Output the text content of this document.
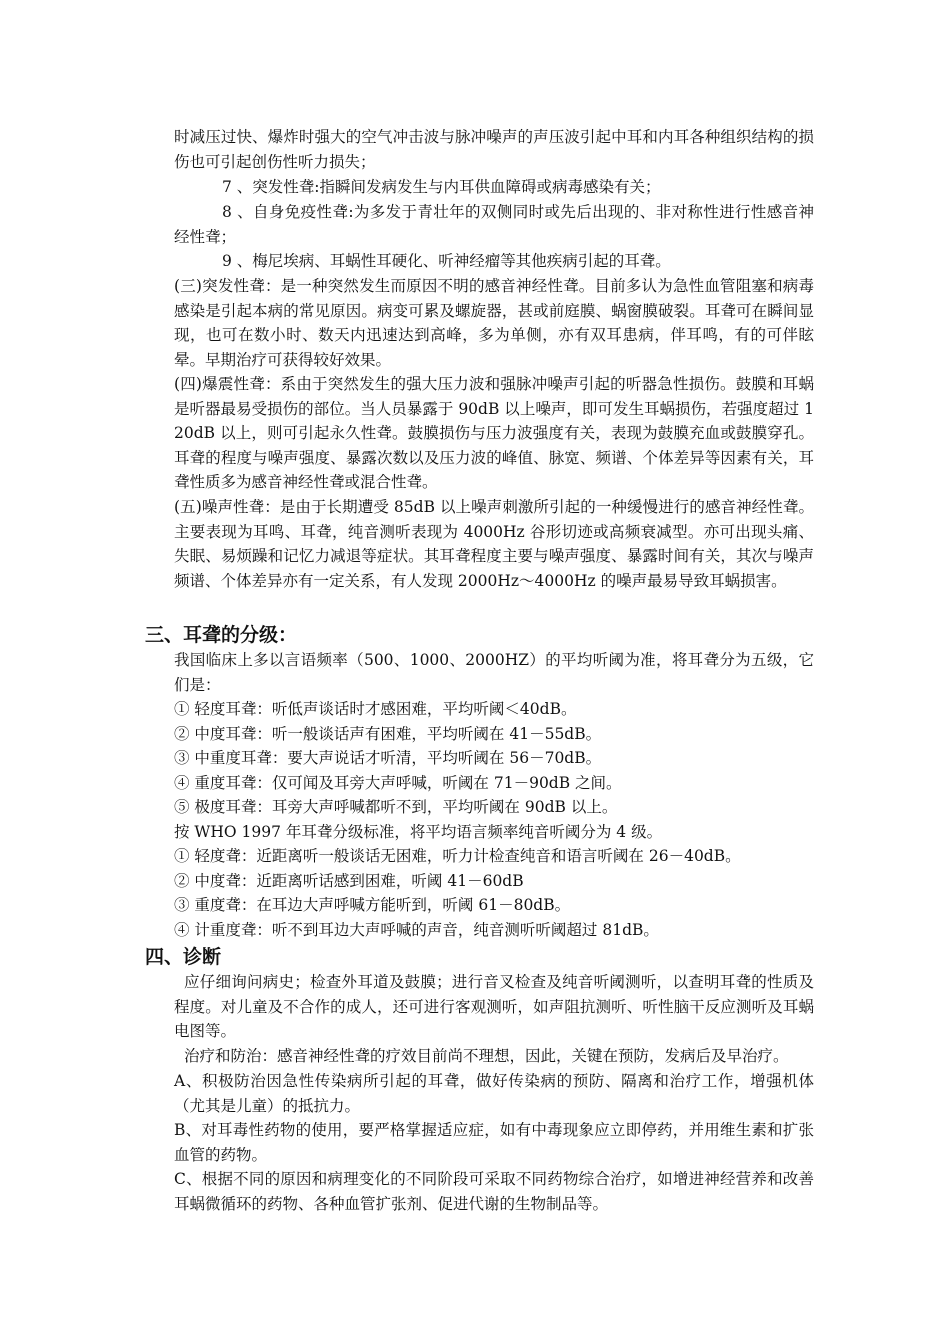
时减压过快、爆炸时强大的空气冲击波与脉冲噪声的声压波引起中耳和内耳各种组织结构的损伤也可引起创伤性听力损失；

7 、突发性聋:指瞬间发病发生与内耳供血障碍或病毒感染有关；

8 、自身免疫性聋:为多发于青壮年的双侧同时或先后出现的、非对称性进行性感音神经性聋；

9 、梅尼埃病、耳蜗性耳硬化、听神经瘤等其他疾病引起的耳聋。

(三)突发性聋：是一种突然发生而原因不明的感音神经性聋。目前多认为急性血管阻塞和病毒感染是引起本病的常见原因。病变可累及螺旋器，甚或前庭膜、蜗窗膜破裂。耳聋可在瞬间显现，也可在数小时、数天内迅速达到高峰，多为单侧，亦有双耳患病，伴耳鸣，有的可伴眩晕。早期治疗可获得较好效果。

(四)爆震性聋：系由于突然发生的强大压力波和强脉冲噪声引起的听器急性损伤。鼓膜和耳蜗是听器最易受损伤的部位。当人员暴露于 90dB 以上噪声，即可发生耳蜗损伤，若强度超过 120dB 以上，则可引起永久性聋。鼓膜损伤与压力波强度有关，表现为鼓膜充血或鼓膜穿孔。耳聋的程度与噪声强度、暴露次数以及压力波的峰值、脉宽、频谱、个体差异等因素有关，耳聋性质多为感音神经性聋或混合性聋。

(五)噪声性聋：是由于长期遭受 85dB 以上噪声刺激所引起的一种缓慢进行的感音神经性聋。主要表现为耳鸣、耳聋，纯音测听表现为 4000Hz 谷形切迹或高频衰减型。亦可出现头痛、失眠、易烦躁和记忆力减退等症状。其耳聋程度主要与噪声强度、暴露时间有关，其次与噪声频谱、个体差异亦有一定关系，有人发现 2000Hz～4000Hz 的噪声最易导致耳蜗损害。

三、耳聋的分级：

我国临床上多以言语频率（500、1000、2000HZ）的平均听阈为准，将耳聋分为五级，它们是：

① 轻度耳聋：听低声谈话时才感困难，平均听阈＜40dB。

② 中度耳聋：听一般谈话声有困难，平均听阈在 41－55dB。

③ 中重度耳聋：要大声说话才听清，平均听阈在 56－70dB。

④ 重度耳聋：仅可闻及耳旁大声呼喊，听阈在 71－90dB 之间。

⑤ 极度耳聋：耳旁大声呼喊都听不到，平均听阈在 90dB 以上。

按 WHO 1997 年耳聋分级标准，将平均语言频率纯音听阈分为 4 级。

① 轻度聋：近距离听一般谈话无困难，听力计检查纯音和语言听阈在 26－40dB。

② 中度聋：近距离听话感到困难，听阈 41－60dB

③ 重度聋：在耳边大声呼喊方能听到，听阈 61－80dB。

④ 计重度聋：听不到耳边大声呼喊的声音，纯音测听听阈超过 81dB。

四、诊断

应仔细询问病史；检查外耳道及鼓膜；进行音叉检查及纯音听阈测听，以查明耳聋的性质及程度。对儿童及不合作的成人，还可进行客观测听，如声阻抗测听、听性脑干反应测听及耳蜗电图等。

治疗和防治：感音神经性聋的疗效目前尚不理想，因此，关键在预防，发病后及早治疗。

A、积极防治因急性传染病所引起的耳聋，做好传染病的预防、隔离和治疗工作，增强机体（尤其是儿童）的抵抗力。

B、对耳毒性药物的使用，要严格掌握适应症，如有中毒现象应立即停药，并用维生素和扩张血管的药物。

C、根据不同的原因和病理变化的不同阶段可采取不同药物综合治疗，如增进神经营养和改善耳蜗微循环的药物、各种血管扩张剂、促进代谢的生物制品等。
